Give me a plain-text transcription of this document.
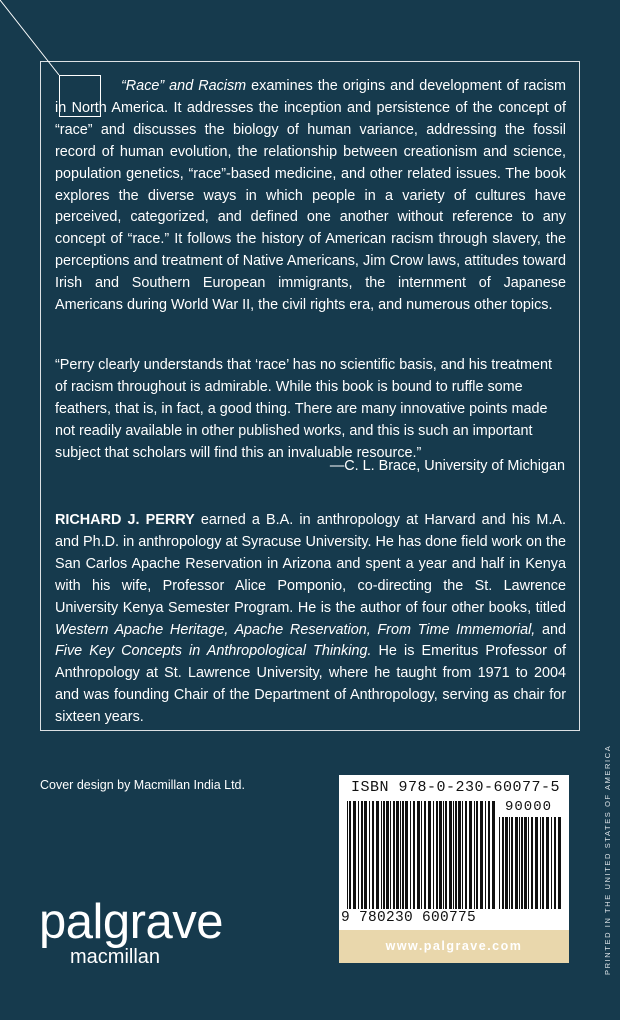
“Race” and Racism examines the origins and development of racism in North America. It addresses the inception and persistence of the concept of “race” and discusses the biology of human variance, addressing the fossil record of human evolution, the relationship between creationism and science, population genetics, “race”-based medicine, and other related issues. The book explores the diverse ways in which people in a variety of cultures have perceived, categorized, and defined one another without reference to any concept of “race.” It follows the history of American racism through slavery, the perceptions and treatment of Native Americans, Jim Crow laws, attitudes toward Irish and Southern European immigrants, the internment of Japanese Americans during World War II, the civil rights era, and numerous other topics.

“Perry clearly understands that ‘race’ has no scientific basis, and his treatment of racism throughout is admirable. While this book is bound to ruffle some feathers, that is, in fact, a good thing. There are many innovative points made not readily available in other published works, and this is such an important subject that scholars will find this an invaluable resource.”

—C. L. Brace, University of Michigan

RICHARD J. PERRY earned a B.A. in anthropology at Harvard and his M.A. and Ph.D. in anthropology at Syracuse University. He has done field work on the San Carlos Apache Reservation in Arizona and spent a year and half in Kenya with his wife, Professor Alice Pomponio, co-directing the St. Lawrence University Kenya Semester Program. He is the author of four other books, titled Western Apache Heritage, Apache Reservation, From Time Immemorial, and Five Key Concepts in Anthropological Thinking. He is Emeritus Professor of Anthropology at St. Lawrence University, where he taught from 1971 to 2004 and was founding Chair of the Department of Anthropology, serving as chair for sixteen years.

Cover design by Macmillan India Ltd.
palgrave
macmillan
ISBN 978-0-230-60077-5
90000
9 780230 600775
www.palgrave.com	PRINTED IN THE UNITED STATES OF AMERICA
